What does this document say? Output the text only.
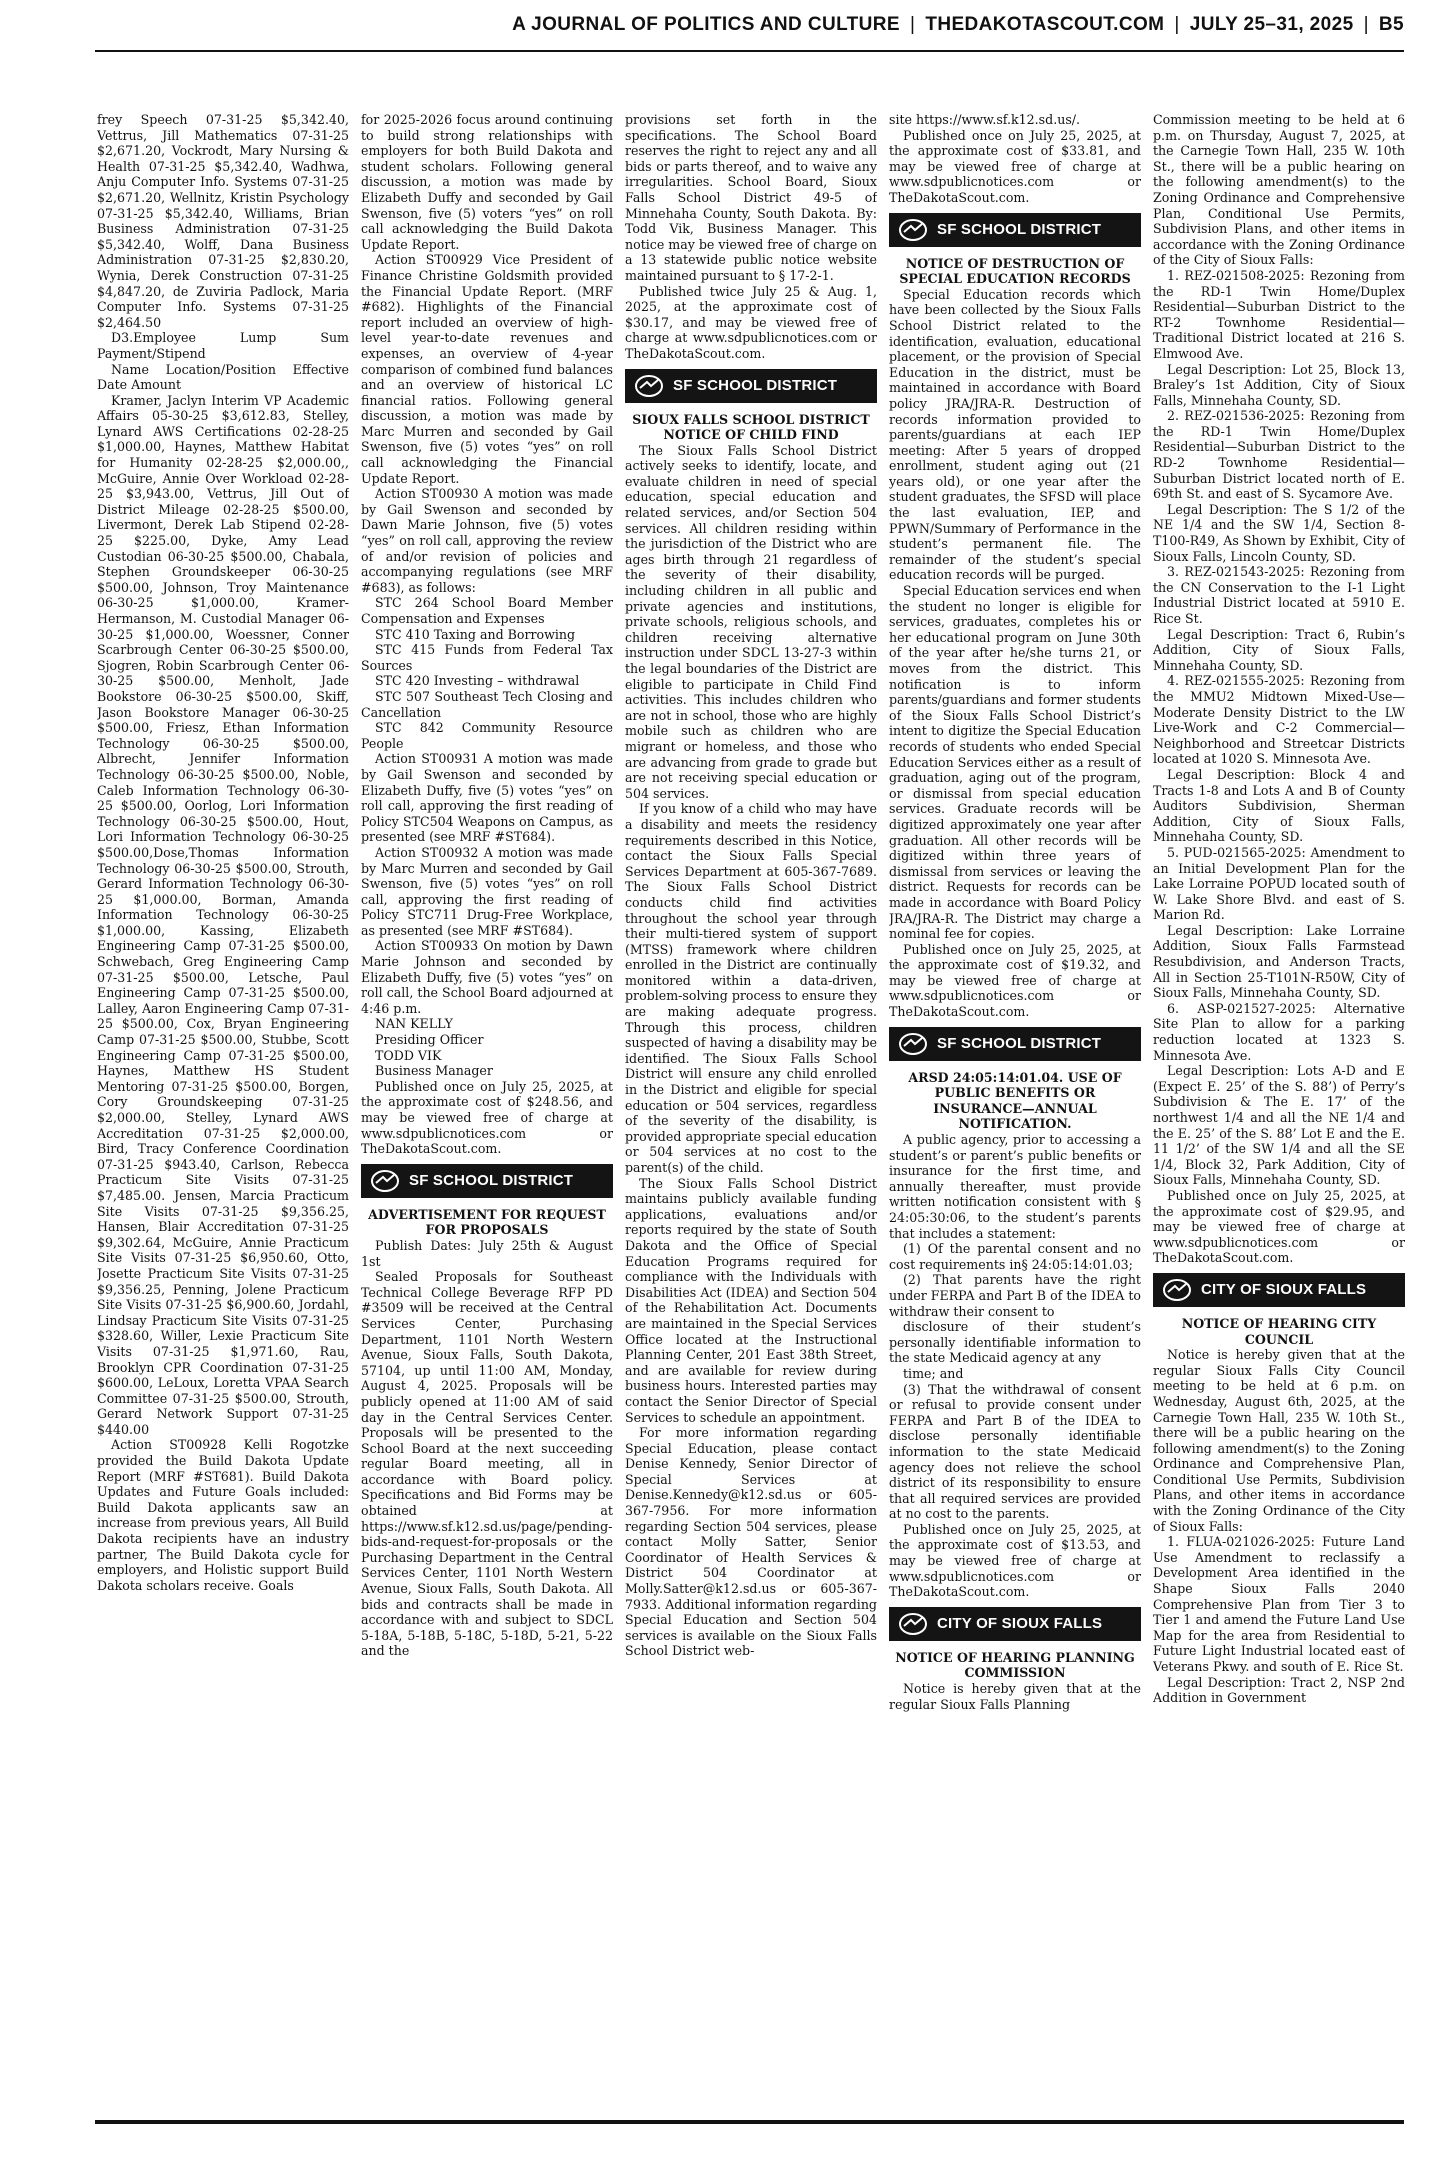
A JOURNAL OF POLITICS AND CULTURE | THEDAKOTASCOUT.COM | JULY 25–31, 2025 | B5

frey Speech 07-31-25 $5,342.40, Vettrus, Jill Mathematics 07-31-25 $2,671.20, Vockrodt, Mary Nursing & Health 07-31-25 $5,342.40, Wadhwa, Anju Computer Info. Systems 07-31-25 $2,671.20, Wellnitz, Kristin Psychology 07-31-25 $5,342.40, Williams, Brian Business Administration 07-31-25 $5,342.40, Wolff, Dana Business Administration 07-31-25 $2,830.20, Wynia, Derek Construction 07-31-25 $4,847.20, de Zuviria Padlock, Maria Computer Info. Systems 07-31-25 $2,464.50

D3.Employee Lump Sum Payment/Stipend

Name Location/Position Effective Date Amount

Kramer, Jaclyn Interim VP Academic Affairs 05-30-25 $3,612.83, Stelley, Lynard AWS Certifications 02-28-25 $1,000.00, Haynes, Matthew Habitat for Humanity 02-28-25 $2,000.00,, McGuire, Annie Over Workload 02-28-25 $3,943.00, Vettrus, Jill Out of District Mileage 02-28-25 $500.00, Livermont, Derek Lab Stipend 02-28-25 $225.00, Dyke, Amy Lead Custodian 06-30-25 $500.00, Chabala, Stephen Groundskeeper 06-30-25 $500.00, Johnson, Troy Maintenance 06-30-25 $1,000.00, Kramer-Hermanson, M. Custodial Manager 06-30-25 $1,000.00, Woessner, Conner Scarbrough Center 06-30-25 $500.00, Sjogren, Robin Scarbrough Center 06-30-25 $500.00, Menholt, Jade Bookstore 06-30-25 $500.00, Skiff, Jason Bookstore Manager 06-30-25 $500.00, Friesz, Ethan Information Technology 06-30-25 $500.00, Albrecht, Jennifer Information Technology 06-30-25 $500.00, Noble, Caleb Information Technology 06-30-25 $500.00, Oorlog, Lori Information Technology 06-30-25 $500.00, Hout, Lori Information Technology 06-30-25 $500.00,Dose,Thomas Information Technology 06-30-25 $500.00, Strouth, Gerard Information Technology 06-30-25 $1,000.00, Borman, Amanda Information Technology 06-30-25 $1,000.00, Kassing, Elizabeth Engineering Camp 07-31-25 $500.00, Schwebach, Greg Engineering Camp 07-31-25 $500.00, Letsche, Paul Engineering Camp 07-31-25 $500.00, Lalley, Aaron Engineering Camp 07-31-25 $500.00, Cox, Bryan Engineering Camp 07-31-25 $500.00, Stubbe, Scott Engineering Camp 07-31-25 $500.00, Haynes, Matthew HS Student Mentoring 07-31-25 $500.00, Borgen, Cory Groundskeeping 07-31-25 $2,000.00, Stelley, Lynard AWS Accreditation 07-31-25 $2,000.00, Bird, Tracy Conference Coordination 07-31-25 $943.40, Carlson, Rebecca Practicum Site Visits 07-31-25 $7,485.00. Jensen, Marcia Practicum Site Visits 07-31-25 $9,356.25, Hansen, Blair Accreditation 07-31-25 $9,302.64, McGuire, Annie Practicum Site Visits 07-31-25 $6,950.60, Otto, Josette Practicum Site Visits 07-31-25 $9,356.25, Penning, Jolene Practicum Site Visits 07-31-25 $6,900.60, Jordahl, Lindsay Practicum Site Visits 07-31-25 $328.60, Willer, Lexie Practicum Site Visits 07-31-25 $1,971.60, Rau, Brooklyn CPR Coordination 07-31-25 $600.00, LeLoux, Loretta VPAA Search Committee 07-31-25 $500.00, Strouth, Gerard Network Support 07-31-25 $440.00

Action ST00928 Kelli Rogotzke provided the Build Dakota Update Report (MRF #ST681). Build Dakota Updates and Future Goals included: Build Dakota applicants saw an increase from previous years, All Build Dakota recipients have an industry partner, The Build Dakota cycle for employers, and Holistic support Build Dakota scholars receive. Goals

for 2025-2026 focus around continuing to build strong relationships with employers for both Build Dakota and student scholars. Following general discussion, a motion was made by Elizabeth Duffy and seconded by Gail Swenson, five (5) voters “yes” on roll call acknowledging the Build Dakota Update Report.

Action ST00929 Vice President of Finance Christine Goldsmith provided the Financial Update Report. (MRF #682). Highlights of the Financial report included an overview of high-level year-to-date revenues and expenses, an overview of 4-year comparison of combined fund balances and an overview of historical LC financial ratios. Following general discussion, a motion was made by Marc Murren and seconded by Gail Swenson, five (5) votes “yes” on roll call acknowledging the Financial Update Report.

Action ST00930 A motion was made by Gail Swenson and seconded by Dawn Marie Johnson, five (5) votes “yes” on roll call, approving the review of and/or revision of policies and accompanying regulations (see MRF #683), as follows:

STC 264 School Board Member Compensation and Expenses

STC 410 Taxing and Borrowing

STC 415 Funds from Federal Tax Sources

STC 420 Investing – withdrawal

STC 507 Southeast Tech Closing and Cancellation

STC 842 Community Resource People

Action ST00931 A motion was made by Gail Swenson and seconded by Elizabeth Duffy, five (5) votes “yes” on roll call, approving the first reading of Policy STC504 Weapons on Campus, as presented (see MRF #ST684).

Action ST00932 A motion was made by Marc Murren and seconded by Gail Swenson, five (5) votes “yes” on roll call, approving the first reading of Policy STC711 Drug-Free Workplace, as presented (see MRF #ST684).

Action ST00933 On motion by Dawn Marie Johnson and seconded by Elizabeth Duffy, five (5) votes “yes” on roll call, the School Board adjourned at 4:46 p.m.

NAN KELLY

Presiding Officer

TODD VIK

Business Manager

Published once on July 25, 2025, at the approximate cost of $248.56, and may be viewed free of charge at www.sdpublicnotices.com or TheDakotaScout.com.

SF SCHOOL DISTRICT

ADVERTISEMENT FOR REQUEST FOR PROPOSALS

Publish Dates: July 25th & August 1st

Sealed Proposals for Southeast Technical College Beverage RFP PD #3509 will be received at the Central Services Center, Purchasing Department, 1101 North Western Avenue, Sioux Falls, South Dakota, 57104, up until 11:00 AM, Monday, August 4, 2025. Proposals will be publicly opened at 11:00 AM of said day in the Central Services Center. Proposals will be presented to the School Board at the next succeeding regular Board meeting, all in accordance with Board policy. Specifications and Bid Forms may be obtained at https://www.sf.k12.sd.us/page/pending-bids-and-request-for-proposals or the Purchasing Department in the Central Services Center, 1101 North Western Avenue, Sioux Falls, South Dakota. All bids and contracts shall be made in accordance with and subject to SDCL 5-18A, 5-18B, 5-18C, 5-18D, 5-21, 5-22 and the

provisions set forth in the specifications. The School Board reserves the right to reject any and all bids or parts thereof, and to waive any irregularities. School Board, Sioux Falls School District 49-5 of Minnehaha County, South Dakota. By: Todd Vik, Business Manager. This notice may be viewed free of charge on a 13 statewide public notice website maintained pursuant to § 17-2-1.

Published twice July 25 & Aug. 1, 2025, at the approximate cost of $30.17, and may be viewed free of charge at www.sdpublicnotices.com or TheDakotaScout.com.

SF SCHOOL DISTRICT

SIOUX FALLS SCHOOL DISTRICT NOTICE OF CHILD FIND

The Sioux Falls School District actively seeks to identify, locate, and evaluate children in need of special education, special education and related services, and/or Section 504 services. All children residing within the jurisdiction of the District who are ages birth through 21 regardless of the severity of their disability, including children in all public and private agencies and institutions, private schools, religious schools, and children receiving alternative instruction under SDCL 13-27-3 within the legal boundaries of the District are eligible to participate in Child Find activities. This includes children who are not in school, those who are highly mobile such as children who are migrant or homeless, and those who are advancing from grade to grade but are not receiving special education or 504 services.

If you know of a child who may have a disability and meets the residency requirements described in this Notice, contact the Sioux Falls Special Services Department at 605-367-7689. The Sioux Falls School District conducts child find activities throughout the school year through their multi-tiered system of support (MTSS) framework where children enrolled in the District are continually monitored within a data-driven, problem-solving process to ensure they are making adequate progress. Through this process, children suspected of having a disability may be identified. The Sioux Falls School District will ensure any child enrolled in the District and eligible for special education or 504 services, regardless of the severity of the disability, is provided appropriate special education or 504 services at no cost to the parent(s) of the child.

The Sioux Falls School District maintains publicly available funding applications, evaluations and/or reports required by the state of South Dakota and the Office of Special Education Programs required for compliance with the Individuals with Disabilities Act (IDEA) and Section 504 of the Rehabilitation Act. Documents are maintained in the Special Services Office located at the Instructional Planning Center, 201 East 38th Street, and are available for review during business hours. Interested parties may contact the Senior Director of Special Services to schedule an appointment.

For more information regarding Special Education, please contact Denise Kennedy, Senior Director of Special Services at Denise.Kennedy@k12.sd.us or 605-367-7956. For more information regarding Section 504 services, please contact Molly Satter, Senior Coordinator of Health Services & District 504 Coordinator at Molly.Satter@k12.sd.us or 605-367-7933. Additional information regarding Special Education and Section 504 services is available on the Sioux Falls School District web-

site https://www.sf.k12.sd.us/.

Published once on July 25, 2025, at the approximate cost of $33.81, and may be viewed free of charge at www.sdpublicnotices.com or TheDakotaScout.com.

SF SCHOOL DISTRICT

NOTICE OF DESTRUCTION OF SPECIAL EDUCATION RECORDS

Special Education records which have been collected by the Sioux Falls School District related to the identification, evaluation, educational placement, or the provision of Special Education in the district, must be maintained in accordance with Board policy JRA/JRA-R. Destruction of records information provided to parents/guardians at each IEP meeting: After 5 years of dropped enrollment, student aging out (21 years old), or one year after the student graduates, the SFSD will place the last evaluation, IEP, and PPWN/Summary of Performance in the student’s permanent file. The remainder of the student’s special education records will be purged.

Special Education services end when the student no longer is eligible for services, graduates, completes his or her educational program on June 30th of the year after he/she turns 21, or moves from the district. This notification is to inform parents/guardians and former students of the Sioux Falls School District’s intent to digitize the Special Education records of students who ended Special Education Services either as a result of graduation, aging out of the program, or dismissal from special education services. Graduate records will be digitized approximately one year after graduation. All other records will be digitized within three years of dismissal from services or leaving the district. Requests for records can be made in accordance with Board Policy JRA/JRA-R. The District may charge a nominal fee for copies.

Published once on July 25, 2025, at the approximate cost of $19.32, and may be viewed free of charge at www.sdpublicnotices.com or TheDakotaScout.com.

SF SCHOOL DISTRICT

ARSD 24:05:14:01.04. USE OF PUBLIC BENEFITS OR INSURANCE—ANNUAL NOTIFICATION.

A public agency, prior to accessing a student’s or parent’s public benefits or insurance for the first time, and annually thereafter, must provide written notification consistent with § 24:05:30:06, to the student’s parents that includes a statement:

(1) Of the parental consent and no cost requirements in§ 24:05:14:01.03;

(2) That parents have the right under FERPA and Part B of the IDEA to withdraw their consent to

disclosure of their student’s personally identifiable information to the state Medicaid agency at any

time; and

(3) That the withdrawal of consent or refusal to provide consent under FERPA and Part B of the IDEA to disclose personally identifiable information to the state Medicaid agency does not relieve the school district of its responsibility to ensure that all required services are provided at no cost to the parents.

Published once on July 25, 2025, at the approximate cost of $13.53, and may be viewed free of charge at www.sdpublicnotices.com or TheDakotaScout.com.

CITY OF SIOUX FALLS

NOTICE OF HEARING PLANNING COMMISSION

Notice is hereby given that at the regular Sioux Falls Planning

Commission meeting to be held at 6 p.m. on Thursday, August 7, 2025, at the Carnegie Town Hall, 235 W. 10th St., there will be a public hearing on the following amendment(s) to the Zoning Ordinance and Comprehensive Plan, Conditional Use Permits, Subdivision Plans, and other items in accordance with the Zoning Ordinance of the City of Sioux Falls:

1. REZ-021508-2025: Rezoning from the RD-1 Twin Home/Duplex Residential—Suburban District to the RT-2 Townhome Residential—Traditional District located at 216 S. Elmwood Ave.

Legal Description: Lot 25, Block 13, Braley’s 1st Addition, City of Sioux Falls, Minnehaha County, SD.

2. REZ-021536-2025: Rezoning from the RD-1 Twin Home/Duplex Residential—Suburban District to the RD-2 Townhome Residential—Suburban District located north of E. 69th St. and east of S. Sycamore Ave.

Legal Description: The S 1/2 of the NE 1/4 and the SW 1/4, Section 8-T100-R49, As Shown by Exhibit, City of Sioux Falls, Lincoln County, SD.

3. REZ-021543-2025: Rezoning from the CN Conservation to the I-1 Light Industrial District located at 5910 E. Rice St.

Legal Description: Tract 6, Rubin’s Addition, City of Sioux Falls, Minnehaha County, SD.

4. REZ-021555-2025: Rezoning from the MMU2 Midtown Mixed-Use—Moderate Density District to the LW Live-Work and C-2 Commercial—Neighborhood and Streetcar Districts located at 1020 S. Minnesota Ave.

Legal Description: Block 4 and Tracts 1-8 and Lots A and B of County Auditors Subdivision, Sherman Addition, City of Sioux Falls, Minnehaha County, SD.

5. PUD-021565-2025: Amendment to an Initial Development Plan for the Lake Lorraine POPUD located south of W. Lake Shore Blvd. and east of S. Marion Rd.

Legal Description: Lake Lorraine Addition, Sioux Falls Farmstead Resubdivision, and Anderson Tracts, All in Section 25-T101N-R50W, City of Sioux Falls, Minnehaha County, SD.

6. ASP-021527-2025: Alternative Site Plan to allow for a parking reduction located at 1323 S. Minnesota Ave.

Legal Description: Lots A-D and E (Expect E. 25’ of the S. 88’) of Perry’s Subdivision & The E. 17’ of the northwest 1/4 and all the NE 1/4 and the E. 25’ of the S. 88’ Lot E and the E. 11 1/2’ of the SW 1/4 and all the SE 1/4, Block 32, Park Addition, City of Sioux Falls, Minnehaha County, SD.

Published once on July 25, 2025, at the approximate cost of $29.95, and may be viewed free of charge at www.sdpublicnotices.com or TheDakotaScout.com.

CITY OF SIOUX FALLS

NOTICE OF HEARING CITY COUNCIL

Notice is hereby given that at the regular Sioux Falls City Council meeting to be held at 6 p.m. on Wednesday, August 6th, 2025, at the Carnegie Town Hall, 235 W. 10th St., there will be a public hearing on the following amendment(s) to the Zoning Ordinance and Comprehensive Plan, Conditional Use Permits, Subdivision Plans, and other items in accordance with the Zoning Ordinance of the City of Sioux Falls:

1. FLUA-021026-2025: Future Land Use Amendment to reclassify a Development Area identified in the Shape Sioux Falls 2040 Comprehensive Plan from Tier 3 to Tier 1 and amend the Future Land Use Map for the area from Residential to Future Light Industrial located east of Veterans Pkwy. and south of E. Rice St.

Legal Description: Tract 2, NSP 2nd Addition in Government
